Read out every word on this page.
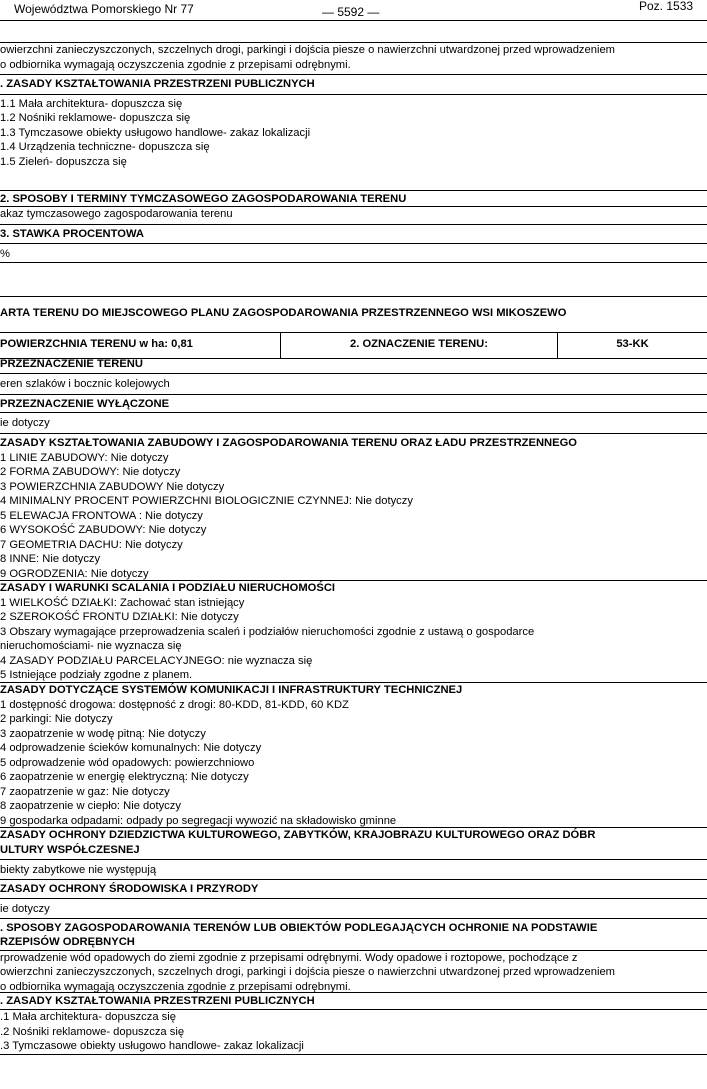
Województwa Pomorskiego Nr 77	— 5592 —	Poz. 1533
owierzchni zanieczyszczonych, szczelnych drogi, parkingi i dojścia piesze o nawierzchni utwardzonej przed wprowadzeniem
o odbiornika wymagają oczyszczenia zgodnie z przepisami odrębnymi.
. ZASADY KSZTAŁTOWANIA PRZESTRZENI PUBLICZNYCH
1.1 Mała architektura- dopuszcza się
1.2 Nośniki reklamowe- dopuszcza się
1.3 Tymczasowe obiekty usługowo handlowe- zakaz lokalizacji
1.4 Urządzenia techniczne- dopuszcza się
1.5 Zieleń- dopuszcza się
2. SPOSOBY I TERMINY TYMCZASOWEGO ZAGOSPODAROWANIA TERENU
akaz tymczasowego zagospodarowania terenu
3. STAWKA PROCENTOWA
%
ARTA TERENU DO MIEJSCOWEGO PLANU ZAGOSPODAROWANIA PRZESTRZENNEGO WSI MIKOSZEWO
POWIERZCHNIA TERENU w ha: 0,81	2. OZNACZENIE TERENU:	53-KK
PRZEZNACZENIE TERENU
eren szlaków i bocznic kolejowych
PRZEZNACZENIE WYŁĄCZONE
ie dotyczy
ZASADY KSZTAŁTOWANIA ZABUDOWY I ZAGOSPODAROWANIA TERENU ORAZ ŁADU PRZESTRZENNEGO
1 LINIE ZABUDOWY: Nie dotyczy
2 FORMA ZABUDOWY: Nie dotyczy
3 POWIERZCHNIA ZABUDOWY Nie dotyczy
4 MINIMALNY PROCENT POWIERZCHNI BIOLOGICZNIE CZYNNEJ: Nie dotyczy
5 ELEWACJA FRONTOWA : Nie dotyczy
6 WYSOKOŚĆ ZABUDOWY: Nie dotyczy
7 GEOMETRIA DACHU: Nie dotyczy
8 INNE: Nie dotyczy
9 OGRODZENIA: Nie dotyczy
ZASADY I WARUNKI SCALANIA I PODZIAŁU NIERUCHOMOŚCI
1 WIELKOŚĆ DZIAŁKI: Zachować stan istniejący
2 SZEROKOŚĆ FRONTU DZIAŁKI: Nie dotyczy
3 Obszary wymagające przeprowadzenia scaleń i podziałów nieruchomości zgodnie z ustawą o gospodarce
nieruchomościami- nie wyznacza się
4 ZASADY PODZIAŁU PARCELACYJNEGO: nie wyznacza się
5 Istniejące podziały zgodne z planem.
ZASADY DOTYCZĄCE SYSTEMÓW KOMUNIKACJI I INFRASTRUKTURY TECHNICZNEJ
1 dostępność drogowa: dostępność z drogi: 80-KDD, 81-KDD, 60 KDZ
2 parkingi: Nie dotyczy
3 zaopatrzenie w wodę pitną: Nie dotyczy
4 odprowadzenie ścieków komunalnych: Nie dotyczy
5 odprowadzenie wód opadowych: powierzchniowo
6 zaopatrzenie w energię elektryczną: Nie dotyczy
7 zaopatrzenie w gaz: Nie dotyczy
8 zaopatrzenie w ciepło: Nie dotyczy
9 gospodarka odpadami: odpady po segregacji wywozić na składowisko gminne
ZASADY OCHRONY DZIEDZICTWA KULTUROWEGO, ZABYTKÓW, KRAJOBRAZU KULTUROWEGO ORAZ DÓBR
ULTURY WSPÓŁCZESNEJ
biekty zabytkowe nie występują
ZASADY OCHRONY ŚRODOWISKA I PRZYRODY
ie dotyczy
. SPOSOBY ZAGOSPODAROWANIA TERENÓW LUB OBIEKTÓW PODLEGAJĄCYCH OCHRONIE NA PODSTAWIE
RZEPISÓW ODRĘBNYCH
rprowadzenie wód opadowych do ziemi zgodnie z przepisami odrębnymi. Wody opadowe i roztopowe, pochodzące z
owierzchni zanieczyszczonych, szczelnych drogi, parkingi i dojścia piesze o nawierzchni utwardzonej przed wprowadzeniem
o odbiornika wymagają oczyszczenia zgodnie z przepisami odrębnymi.
. ZASADY KSZTAŁTOWANIA PRZESTRZENI PUBLICZNYCH
.1 Mała architektura- dopuszcza się
.2 Nośniki reklamowe- dopuszcza się
.3 Tymczasowe obiekty usługowo handlowe- zakaz lokalizacji
